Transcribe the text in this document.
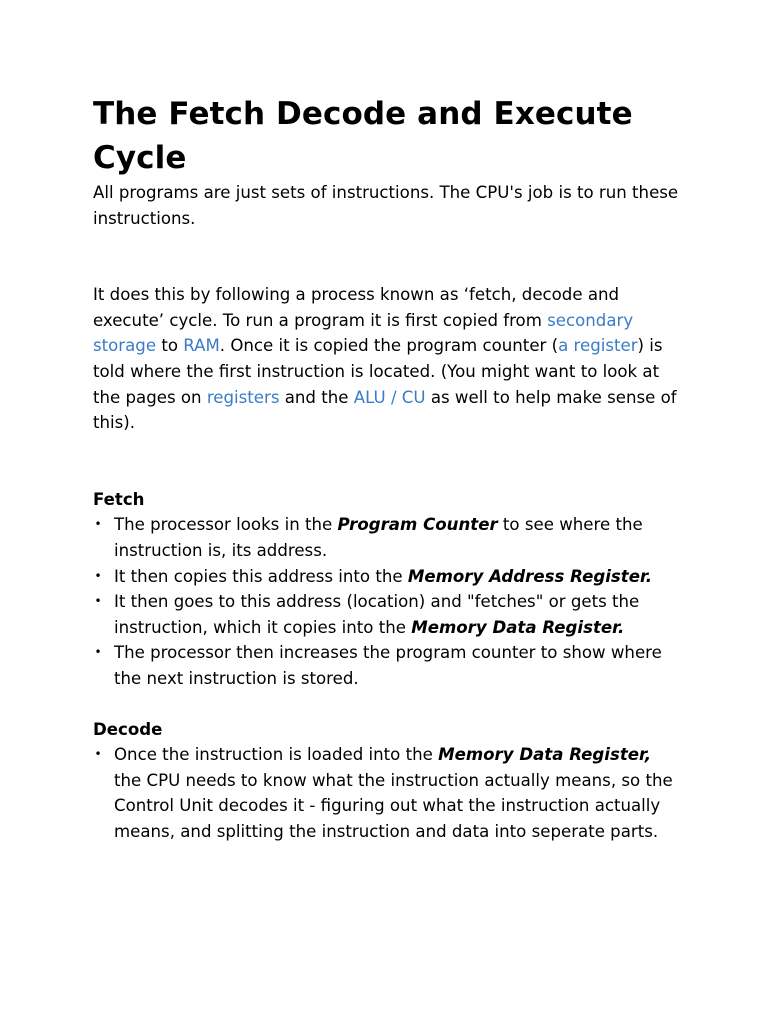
The Fetch Decode and Execute Cycle

All programs are just sets of instructions. The CPU's job is to run these instructions.

It does this by following a process known as ‘fetch, decode and execute’ cycle. To run a program it is first copied from secondary storage to RAM. Once it is copied the program counter (a register) is told where the first instruction is located. (You might want to look at the pages on registers and the ALU / CU as well to help make sense of this).

Fetch
• The processor looks in the Program Counter to see where the instruction is, its address.
• It then copies this address into the Memory Address Register.
• It then goes to this address (location) and "fetches" or gets the instruction, which it copies into the Memory Data Register.
• The processor then increases the program counter to show where the next instruction is stored.
Decode
• Once the instruction is loaded into the Memory Data Register, the CPU needs to know what the instruction actually means, so the Control Unit decodes it - figuring out what the instruction actually means, and splitting the instruction and data into seperate parts.
